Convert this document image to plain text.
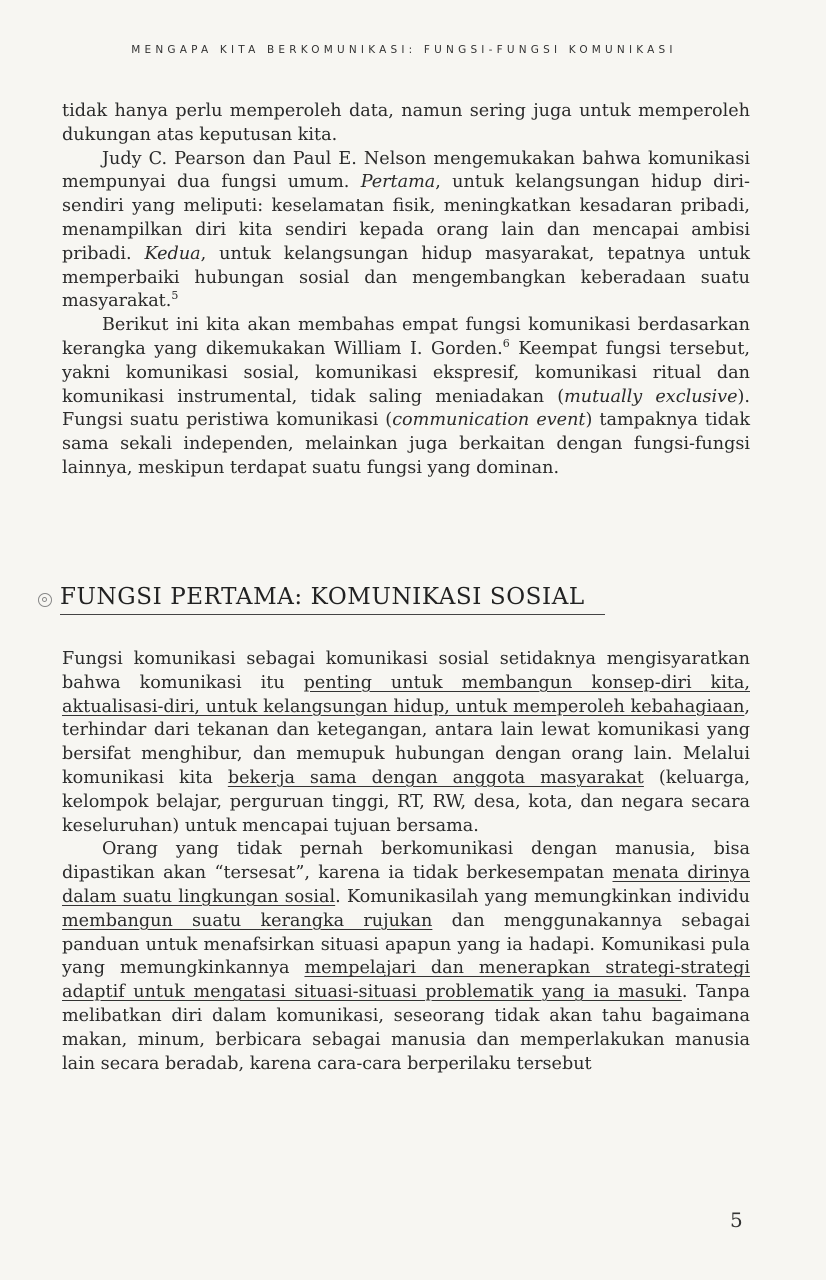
MENGAPA KITA BERKOMUNIKASI: FUNGSI-FUNGSI KOMUNIKASI

tidak hanya perlu memperoleh data, namun sering juga untuk memperoleh dukungan atas keputusan kita.

Judy C. Pearson dan Paul E. Nelson mengemukakan bahwa komunikasi mempunyai dua fungsi umum. Pertama, untuk kelangsungan hidup diri-sendiri yang meliputi: keselamatan fisik, meningkatkan kesadaran pribadi, menampilkan diri kita sendiri kepada orang lain dan mencapai ambisi pribadi. Kedua, untuk kelangsungan hidup masyarakat, tepatnya untuk memperbaiki hubungan sosial dan mengembangkan keberadaan suatu masyarakat.$^5$

Berikut ini kita akan membahas empat fungsi komunikasi berdasarkan kerangka yang dikemukakan William I. Gorden.$^6$ Keempat fungsi tersebut, yakni komunikasi sosial, komunikasi ekspresif, komunikasi ritual dan komunikasi instrumental, tidak saling meniadakan (mutually exclusive). Fungsi suatu peristiwa komunikasi (communication event) tampaknya tidak sama sekali independen, melainkan juga berkaitan dengan fungsi-fungsi lainnya, meskipun terdapat suatu fungsi yang dominan.

FUNGSI PERTAMA: KOMUNIKASI SOSIAL

Fungsi komunikasi sebagai komunikasi sosial setidaknya mengisyaratkan bahwa komunikasi itu penting untuk membangun konsep-diri kita, aktualisasi-diri, untuk kelangsungan hidup, untuk memperoleh kebahagiaan, terhindar dari tekanan dan ketegangan, antara lain lewat komunikasi yang bersifat menghibur, dan memupuk hubungan dengan orang lain. Melalui komunikasi kita bekerja sama dengan anggota masyarakat (keluarga, kelompok belajar, perguruan tinggi, RT, RW, desa, kota, dan negara secara keseluruhan) untuk mencapai tujuan bersama.

Orang yang tidak pernah berkomunikasi dengan manusia, bisa dipastikan akan “tersesat”, karena ia tidak berkesempatan menata dirinya dalam suatu lingkungan sosial. Komunikasilah yang memungkinkan individu membangun suatu kerangka rujukan dan menggunakannya sebagai panduan untuk menafsirkan situasi apapun yang ia hadapi. Komunikasi pula yang memungkinkannya mempelajari dan menerapkan strategi-strategi adaptif untuk mengatasi situasi-situasi problematik yang ia masuki. Tanpa melibatkan diri dalam komunikasi, seseorang tidak akan tahu bagaimana makan, minum, berbicara sebagai manusia dan memperlakukan manusia lain secara beradab, karena cara-cara berperilaku tersebut

5
